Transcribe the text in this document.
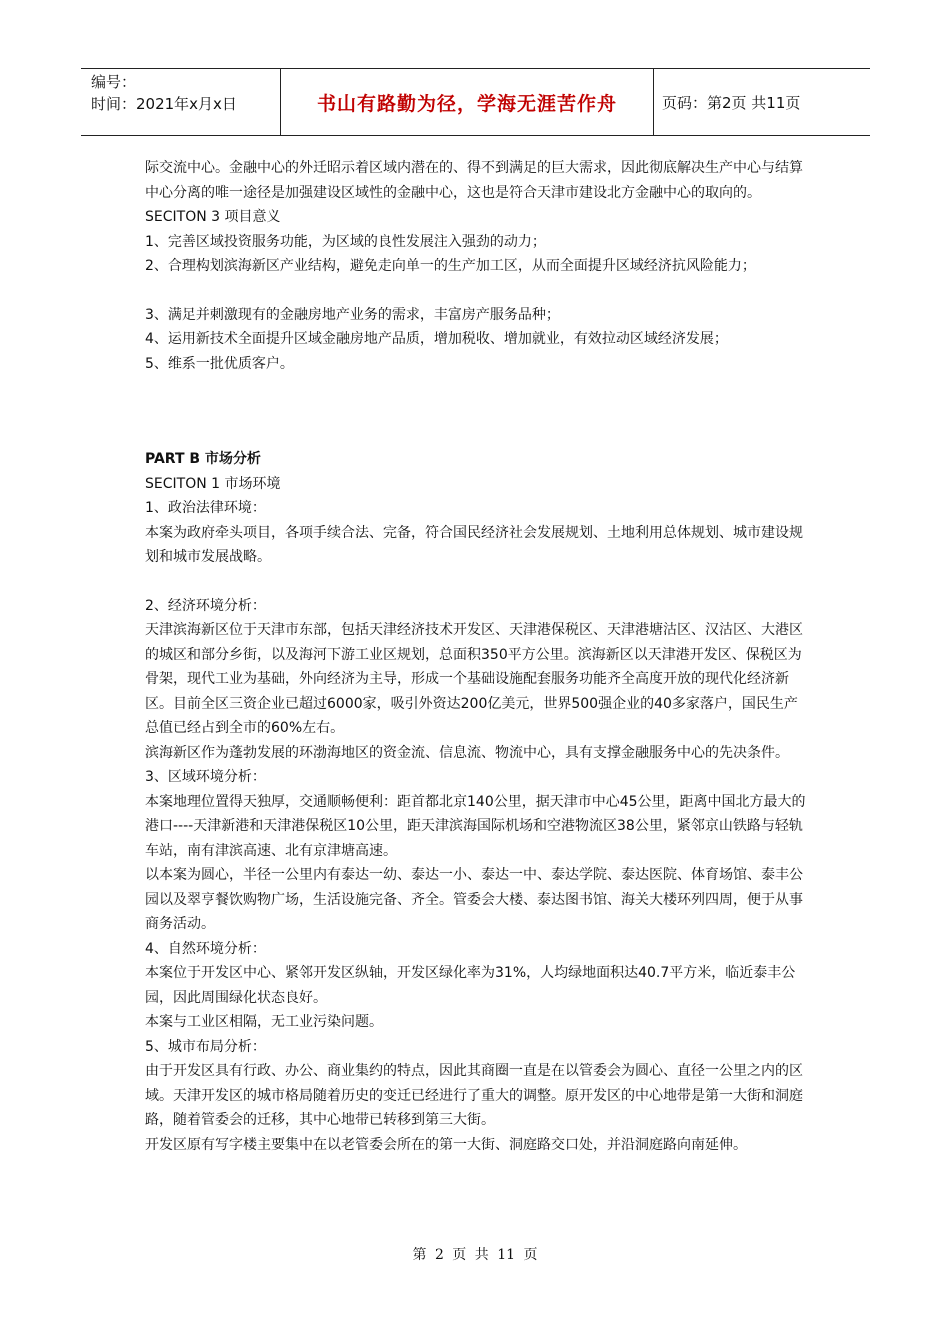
编号：
时间：2021年x月x日	书山有路勤为径，学海无涯苦作舟	页码：第2页 共11页

际交流中心。金融中心的外迁昭示着区域内潜在的、得不到满足的巨大需求，因此彻底解决生产中心与结算中心分离的唯一途径是加强建设区域性的金融中心，这也是符合天津市建设北方金融中心的取向的。

SECITON 3 项目意义

1、完善区域投资服务功能，为区域的良性发展注入强劲的动力；

2、合理构划滨海新区产业结构，避免走向单一的生产加工区，从而全面提升区域经济抗风险能力；

3、满足并刺激现有的金融房地产业务的需求，丰富房产服务品种；

4、运用新技术全面提升区域金融房地产品质，增加税收、增加就业，有效拉动区域经济发展；

5、维系一批优质客户。

PART B 市场分析

SECITON 1 市场环境

1、政治法律环境：

本案为政府牵头项目，各项手续合法、完备，符合国民经济社会发展规划、土地利用总体规划、城市建设规划和城市发展战略。

2、经济环境分析：

天津滨海新区位于天津市东部，包括天津经济技术开发区、天津港保税区、天津港塘沽区、汉沽区、大港区的城区和部分乡街，以及海河下游工业区规划，总面积350平方公里。滨海新区以天津港开发区、保税区为骨架，现代工业为基础，外向经济为主导，形成一个基础设施配套服务功能齐全高度开放的现代化经济新区。目前全区三资企业已超过6000家，吸引外资达200亿美元，世界500强企业的40多家落户，国民生产总值已经占到全市的60%左右。

滨海新区作为蓬勃发展的环渤海地区的资金流、信息流、物流中心，具有支撑金融服务中心的先决条件。

3、区域环境分析：

本案地理位置得天独厚，交通顺畅便利：距首都北京140公里，据天津市中心45公里，距离中国北方最大的港口----天津新港和天津港保税区10公里，距天津滨海国际机场和空港物流区38公里，紧邻京山铁路与轻轨车站，南有津滨高速、北有京津塘高速。

以本案为圆心，半径一公里内有泰达一幼、泰达一小、泰达一中、泰达学院、泰达医院、体育场馆、泰丰公园以及翠亨餐饮购物广场，生活设施完备、齐全。管委会大楼、泰达图书馆、海关大楼环列四周，便于从事商务活动。

4、自然环境分析：

本案位于开发区中心、紧邻开发区纵轴，开发区绿化率为31%，人均绿地面积达40.7平方米，临近泰丰公园，因此周围绿化状态良好。

本案与工业区相隔，无工业污染问题。

5、城市布局分析：

由于开发区具有行政、办公、商业集约的特点，因此其商圈一直是在以管委会为圆心、直径一公里之内的区域。天津开发区的城市格局随着历史的变迁已经进行了重大的调整。原开发区的中心地带是第一大街和洞庭路，随着管委会的迁移，其中心地带已转移到第三大街。

开发区原有写字楼主要集中在以老管委会所在的第一大街、洞庭路交口处，并沿洞庭路向南延伸。

第 2 页 共 11 页
